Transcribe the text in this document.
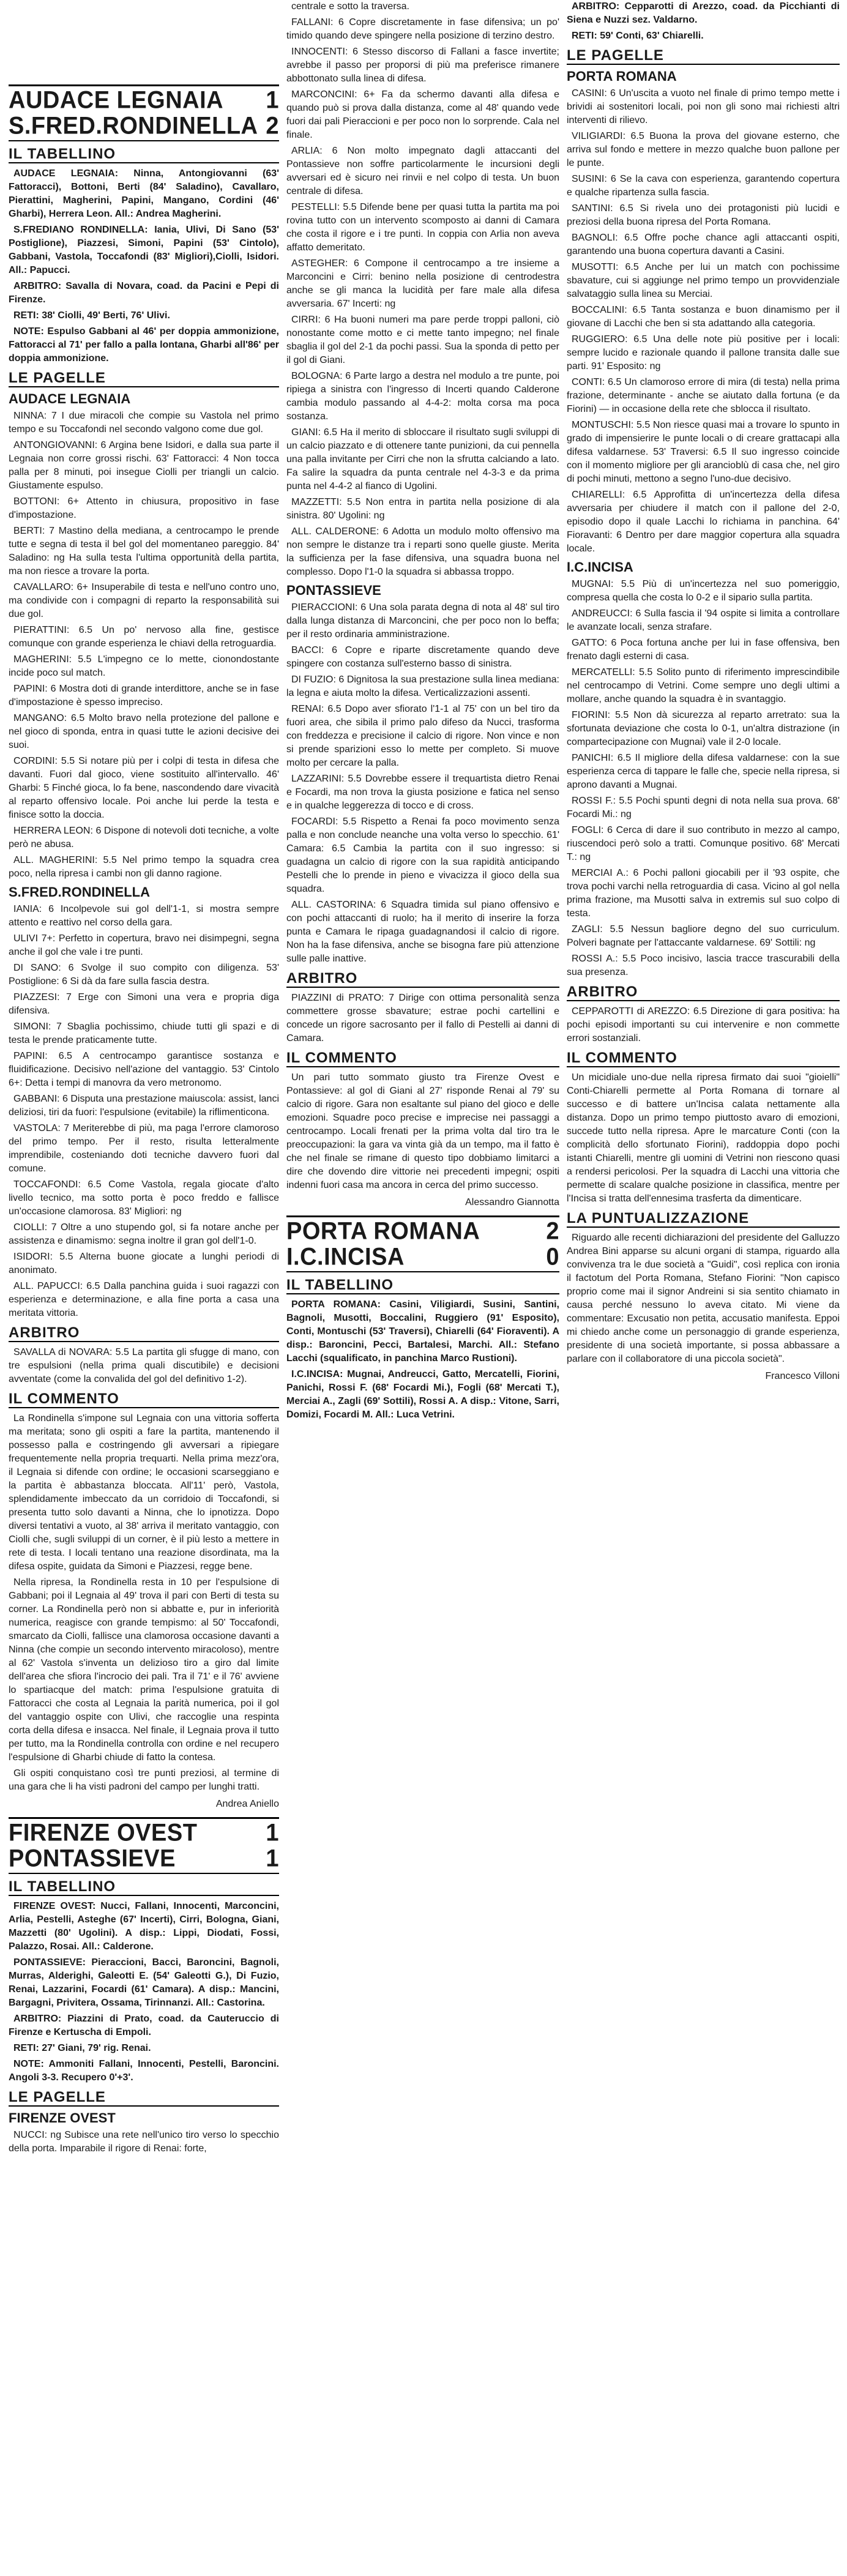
AUDACE LEGNAIA 1
S.FRED.RONDINELLA 2
IL TABELLINO

AUDACE LEGNAIA: Ninna, Antongiovanni (63' Fattoracci), Bottoni, Berti (84' Saladino), Cavallaro, Pierattini, Magherini, Papini, Mangano, Cordini (46' Gharbi), Herrera Leon. All.: Andrea Magherini.

S.FREDIANO RONDINELLA: Iania, Ulivi, Di Sano (53' Postiglione), Piazzesi, Simoni, Papini (53' Cintolo), Gabbani, Vastola, Toccafondi (83' Migliori),Ciolli, Isidori. All.: Papucci.

ARBITRO: Savalla di Novara, coad. da Pacini e Pepi di Firenze.

RETI: 38' Ciolli, 49' Berti, 76' Ulivi.

NOTE: Espulso Gabbani al 46' per doppia ammonizione, Fattoracci al 71' per fallo a palla lontana, Gharbi all'86' per doppia ammonizione.

LE PAGELLE
AUDACE LEGNAIA

NINNA: 7 I due miracoli che compie su Vastola nel primo tempo e su Toccafondi nel secondo valgono come due gol.

ANTONGIOVANNI: 6 Argina bene Isidori, e dalla sua parte il Legnaia non corre grossi rischi. 63' Fattoracci: 4 Non tocca palla per 8 minuti, poi insegue Ciolli per triangli un calcio. Giustamente espulso.

BOTTONI: 6+ Attento in chiusura, propositivo in fase d'impostazione.

BERTI: 7 Mastino della mediana, a centrocampo le prende tutte e segna di testa il bel gol del momentaneo pareggio. 84' Saladino: ng Ha sulla testa l'ultima opportunità della partita, ma non riesce a trovare la porta.

CAVALLARO: 6+ Insuperabile di testa e nell'uno contro uno, ma condivide con i compagni di reparto la responsabilità sui due gol.

PIERATTINI: 6.5 Un po' nervoso alla fine, gestisce comunque con grande esperienza le chiavi della retroguardia.

MAGHERINI: 5.5 L'impegno ce lo mette, cionondostante incide poco sul match.

PAPINI: 6 Mostra doti di grande interdittore, anche se in fase d'impostazione è spesso impreciso.

MANGANO: 6.5 Molto bravo nella protezione del pallone e nel gioco di sponda, entra in quasi tutte le azioni decisive dei suoi.

CORDINI: 5.5 Si notare più per i colpi di testa in difesa che davanti. Fuori dal gioco, viene sostituito all'intervallo. 46' Gharbi: 5 Finché gioca, lo fa bene, nascondendo dare vivacità al reparto offensivo locale. Poi anche lui perde la testa e finisce sotto la doccia.

HERRERA LEON: 6 Dispone di notevoli doti tecniche, a volte però ne abusa.

ALL. MAGHERINI: 5.5 Nel primo tempo la squadra crea poco, nella ripresa i cambi non gli danno ragione.

S.FRED.RONDINELLA

IANIA: 6 Incolpevole sui gol dell'1-1, si mostra sempre attento e reattivo nel corso della gara.

ULIVI 7+: Perfetto in copertura, bravo nei disimpegni, segna anche il gol che vale i tre punti.

DI SANO: 6 Svolge il suo compito con diligenza. 53' Postiglione: 6 Si dà da fare sulla fascia destra.

PIAZZESI: 7 Erge con Simoni una vera e propria diga difensiva.

SIMONI: 7 Sbaglia pochissimo, chiude tutti gli spazi e di testa le prende praticamente tutte.

PAPINI: 6.5 A centrocampo garantisce sostanza e fluidificazione. Decisivo nell'azione del vantaggio. 53' Cintolo 6+: Detta i tempi di manovra da vero metronomo.

GABBANI: 6 Disputa una prestazione maiuscola: assist, lanci deliziosi, tiri da fuori: l'espulsione (evitabile) la riflimenticona.

VASTOLA: 7 Meriterebbe di più, ma paga l'errore clamoroso del primo tempo. Per il resto, risulta letteralmente imprendibile, costeniando doti tecniche davvero fuori dal comune.

TOCCAFONDI: 6.5 Come Vastola, regala giocate d'alto livello tecnico, ma sotto porta è poco freddo e fallisce un'occasione clamorosa. 83' Migliori: ng

CIOLLI: 7 Oltre a uno stupendo gol, si fa notare anche per assistenza e dinamismo: segna inoltre il gran gol dell'1-0.

ISIDORI: 5.5 Alterna buone giocate a lunghi periodi di anonimato.

ALL. PAPUCCI: 6.5 Dalla panchina guida i suoi ragazzi con esperienza e determinazione, e alla fine porta a casa una meritata vittoria.

ARBITRO

SAVALLA di NOVARA: 5.5 La partita gli sfugge di mano, con tre espulsioni (nella prima quali discutibile) e decisioni avventate (come la convalida del gol del definitivo 1-2).

IL COMMENTO

La Rondinella s'impone sul Legnaia con una vittoria sofferta ma meritata; sono gli ospiti a fare la partita, mantenendo il possesso palla e costringendo gli avversari a ripiegare frequentemente nella propria trequarti. Nella prima mezz'ora, il Legnaia si difende con ordine; le occasioni scarseggiano e la partita è abbastanza bloccata. All'11' però, Vastola, splendidamente imbeccato da un corridoio di Toccafondi, si presenta tutto solo davanti a Ninna, che lo ipnotizza. Dopo diversi tentativi a vuoto, al 38' arriva il meritato vantaggio, con Ciolli che, sugli sviluppi di un corner, è il più lesto a mettere in rete di testa. I locali tentano una reazione disordinata, ma la difesa ospite, guidata da Simoni e Piazzesi, regge bene.

Nella ripresa, la Rondinella resta in 10 per l'espulsione di Gabbani; poi il Legnaia al 49' trova il pari con Berti di testa su corner. La Rondinella però non si abbatte e, pur in inferiorità numerica, reagisce con grande tempismo: al 50' Toccafondi, smarcato da Ciolli, fallisce una clamorosa occasione davanti a Ninna (che compie un secondo intervento miracoloso), mentre al 62' Vastola s'inventa un delizioso tiro a giro dal limite dell'area che sfiora l'incrocio dei pali. Tra il 71' e il 76' avviene lo spartiacque del match: prima l'espulsione gratuita di Fattoracci che costa al Legnaia la parità numerica, poi il gol del vantaggio ospite con Ulivi, che raccoglie una respinta corta della difesa e insacca. Nel finale, il Legnaia prova il tutto per tutto, ma la Rondinella controlla con ordine e nel recupero l'espulsione di Gharbi chiude di fatto la contesa.

Gli ospiti conquistano così tre punti preziosi, al termine di una gara che li ha visti padroni del campo per lunghi tratti.

Andrea Aniello
FIRENZE OVEST	1
PONTASSIEVE	1
IL TABELLINO

FIRENZE OVEST: Nucci, Fallani, Innocenti, Marconcini, Arlia, Pestelli, Asteghe (67' Incerti), Cirri, Bologna, Giani, Mazzetti (80' Ugolini). A disp.: Lippi, Diodati, Fossi, Palazzo, Rosai. All.: Calderone.

PONTASSIEVE: Pieraccioni, Bacci, Baroncini, Bagnoli, Murras, Alderighi, Galeotti E. (54' Galeotti G.), Di Fuzio, Renai, Lazzarini, Focardi (61' Camara). A disp.: Mancini, Bargagni, Privitera, Ossama, Tirinnanzi. All.: Castorina.

ARBITRO: Piazzini di Prato, coad. da Cauteruccio di Firenze e Kertuscha di Empoli.

RETI: 27' Giani, 79' rig. Renai.

NOTE: Ammoniti Fallani, Innocenti, Pestelli, Baroncini. Angoli 3-3. Recupero 0'+3'.

LE PAGELLE
FIRENZE OVEST

NUCCI: ng Subisce una rete nell'unico tiro verso lo specchio della porta. Imparabile il rigore di Renai: forte,

centrale e sotto la traversa.

FALLANI: 6 Copre discretamente in fase difensiva; un po' timido quando deve spingere nella posizione di terzino destro.

INNOCENTI: 6 Stesso discorso di Fallani a fasce invertite; avrebbe il passo per proporsi di più ma preferisce rimanere abbottonato sulla linea di difesa.

MARCONCINI: 6+ Fa da schermo davanti alla difesa e quando può si prova dalla distanza, come al 48' quando vede fuori dai pali Pieraccioni e per poco non lo sorprende. Cala nel finale.

ARLIA: 6 Non molto impegnato dagli attaccanti del Pontassieve non soffre particolarmente le incursioni degli avversari ed è sicuro nei rinvii e nel colpo di testa. Un buon centrale di difesa.

PESTELLI: 5.5 Difende bene per quasi tutta la partita ma poi rovina tutto con un intervento scomposto ai danni di Camara che costa il rigore e i tre punti. In coppia con Arlia non aveva affatto demeritato.

ASTEGHER: 6 Compone il centrocampo a tre insieme a Marconcini e Cirri: benino nella posizione di centrodestra anche se gli manca la lucidità per fare male alla difesa avversaria. 67' Incerti: ng

CIRRI: 6 Ha buoni numeri ma pare perde troppi palloni, ciò nonostante come motto e ci mette tanto impegno; nel finale sbaglia il gol del 2-1 da pochi passi. Sua la sponda di petto per il gol di Giani.

BOLOGNA: 6 Parte largo a destra nel modulo a tre punte, poi ripiega a sinistra con l'ingresso di Incerti quando Calderone cambia modulo passando al 4-4-2: molta corsa ma poca sostanza.

GIANI: 6.5 Ha il merito di sbloccare il risultato sugli sviluppi di un calcio piazzato e di ottenere tante punizioni, da cui pennella una palla invitante per Cirri che non la sfrutta calciando a lato. Fa salire la squadra da punta centrale nel 4-3-3 e da prima punta nel 4-4-2 al fianco di Ugolini.

MAZZETTI: 5.5 Non entra in partita nella posizione di ala sinistra. 80' Ugolini: ng

ALL. CALDERONE: 6 Adotta un modulo molto offensivo ma non sempre le distanze tra i reparti sono quelle giuste. Merita la sufficienza per la fase difensiva, una squadra buona nel complesso. Dopo l'1-0 la squadra si abbassa troppo.

PONTASSIEVE

PIERACCIONI: 6 Una sola parata degna di nota al 48' sul tiro dalla lunga distanza di Marconcini, che per poco non lo beffa; per il resto ordinaria amministrazione.

BACCI: 6 Copre e riparte discretamente quando deve spingere con costanza sull'esterno basso di sinistra.

DI FUZIO: 6 Dignitosa la sua prestazione sulla linea mediana: la legna e aiuta molto la difesa. Verticalizzazioni assenti.

RENAI: 6.5 Dopo aver sfiorato l'1-1 al 75' con un bel tiro da fuori area, che sibila il primo palo difeso da Nucci, trasforma con freddezza e precisione il calcio di rigore. Non vince e non si prende sparizioni esso lo mette per completo. Si muove molto per cercare la palla.

LAZZARINI: 5.5 Dovrebbe essere il trequartista dietro Renai e Focardi, ma non trova la giusta posizione e fatica nel senso e in qualche leggerezza di tocco e di cross.

FOCARDI: 5.5 Rispetto a Renai fa poco movimento senza palla e non conclude neanche una volta verso lo specchio. 61' Camara: 6.5 Cambia la partita con il suo ingresso: si guadagna un calcio di rigore con la sua rapidità anticipando Pestelli che lo prende in pieno e vivacizza il gioco della sua squadra.

ALL. CASTORINA: 6 Squadra timida sul piano offensivo e con pochi attaccanti di ruolo; ha il merito di inserire la forza punta e Camara le ripaga guadagnandosi il calcio di rigore. Non ha la fase difensiva, anche se bisogna fare più attenzione sulle palle inattive.

ARBITRO

PIAZZINI di PRATO: 7 Dirige con ottima personalità senza commettere grosse sbavature; estrae pochi cartellini e concede un rigore sacrosanto per il fallo di Pestelli ai danni di Camara.

IL COMMENTO

Un pari tutto sommato giusto tra Firenze Ovest e Pontassieve: al gol di Giani al 27' risponde Renai al 79' su calcio di rigore. Gara non esaltante sul piano del gioco e delle emozioni. Squadre poco precise e imprecise nei passaggi a centrocampo. Locali frenati per la prima volta dal tiro tra le preoccupazioni: la gara va vinta già da un tempo, ma il fatto è che nel finale se rimane di questo tipo dobbiamo limitarci a dire che dovendo dire vittorie nei precedenti impegni; ospiti indenni fuori casa ma ancora in cerca del primo successo.

Alessandro Giannotta
PORTA ROMANA	2
I.C.INCISA	0
IL TABELLINO

PORTA ROMANA: Casini, Viligiardi, Susini, Santini, Bagnoli, Musotti, Boccalini, Ruggiero (91' Esposito), Conti, Montuschi (53' Traversi), Chiarelli (64' Fioraventi). A disp.: Baroncini, Pecci, Bartalesi, Marchi. All.: Stefano Lacchi (squalificato, in panchina Marco Rustioni).

I.C.INCISA: Mugnai, Andreucci, Gatto, Mercatelli, Fiorini, Panichi, Rossi F. (68' Focardi Mi.), Fogli (68' Mercati T.), Merciai A., Zagli (69' Sottili), Rossi A. A disp.: Vitone, Sarri, Domizi, Focardi M. All.: Luca Vetrini.

ARBITRO: Cepparotti di Arezzo, coad. da Picchianti di Siena e Nuzzi sez. Valdarno.

RETI: 59' Conti, 63' Chiarelli.

LE PAGELLE
PORTA ROMANA

CASINI: 6 Un'uscita a vuoto nel finale di primo tempo mette i brividi ai sostenitori locali, poi non gli sono mai richiesti altri interventi di rilievo.

VILIGIARDI: 6.5 Buona la prova del giovane esterno, che arriva sul fondo e mettere in mezzo qualche buon pallone per le punte.

SUSINI: 6 Se la cava con esperienza, garantendo copertura e qualche ripartenza sulla fascia.

SANTINI: 6.5 Si rivela uno dei protagonisti più lucidi e preziosi della buona ripresa del Porta Romana.

BAGNOLI: 6.5 Offre poche chance agli attaccanti ospiti, garantendo una buona copertura davanti a Casini.

MUSOTTI: 6.5 Anche per lui un match con pochissime sbavature, cui si aggiunge nel primo tempo un provvidenziale salvataggio sulla linea su Merciai.

BOCCALINI: 6.5 Tanta sostanza e buon dinamismo per il giovane di Lacchi che ben si sta adattando alla categoria.

RUGGIERO: 6.5 Una delle note più positive per i locali: sempre lucido e razionale quando il pallone transita dalle sue parti. 91' Esposito: ng

CONTI: 6.5 Un clamoroso errore di mira (di testa) nella prima frazione, determinante - anche se aiutato dalla fortuna (e da Fiorini) — in occasione della rete che sblocca il risultato.

MONTUSCHI: 5.5 Non riesce quasi mai a trovare lo spunto in grado di impensierire le punte locali o di creare grattacapi alla difesa valdarnese. 53' Traversi: 6.5 Il suo ingresso coincide con il momento migliore per gli arancioblù di casa che, nel giro di pochi minuti, mettono a segno l'uno-due decisivo.

CHIARELLI: 6.5 Approfitta di un'incertezza della difesa avversaria per chiudere il match con il pallone del 2-0, episodio dopo il quale Lacchi lo richiama in panchina. 64' Fioravanti: 6 Dentro per dare maggior copertura alla squadra locale.

I.C.INCISA

MUGNAI: 5.5 Più di un'incertezza nel suo pomeriggio, compresa quella che costa lo 0-2 e il sipario sulla partita.

ANDREUCCI: 6 Sulla fascia il '94 ospite si limita a controllare le avanzate locali, senza strafare.

GATTO: 6 Poca fortuna anche per lui in fase offensiva, ben frenato dagli esterni di casa.

MERCATELLI: 5.5 Solito punto di riferimento imprescindibile nel centrocampo di Vetrini. Come sempre uno degli ultimi a mollare, anche quando la squadra è in svantaggio.

FIORINI: 5.5 Non dà sicurezza al reparto arretrato: sua la sfortunata deviazione che costa lo 0-1, un'altra distrazione (in compartecipazione con Mugnai) vale il 2-0 locale.

PANICHI: 6.5 Il migliore della difesa valdarnese: con la sue esperienza cerca di tappare le falle che, specie nella ripresa, si aprono davanti a Mugnai.

ROSSI F.: 5.5 Pochi spunti degni di nota nella sua prova. 68' Focardi Mi.: ng

FOGLI: 6 Cerca di dare il suo contributo in mezzo al campo, riuscendoci però solo a tratti. Comunque positivo. 68' Mercati T.: ng

MERCIAI A.: 6 Pochi palloni giocabili per il '93 ospite, che trova pochi varchi nella retroguardia di casa. Vicino al gol nella prima frazione, ma Musotti salva in extremis sul suo colpo di testa.

ZAGLI: 5.5 Nessun bagliore degno del suo curriculum. Polveri bagnate per l'attaccante valdarnese. 69' Sottili: ng

ROSSI A.: 5.5 Poco incisivo, lascia tracce trascurabili della sua presenza.

ARBITRO

CEPPAROTTI di AREZZO: 6.5 Direzione di gara positiva: ha pochi episodi importanti su cui intervenire e non commette errori sostanziali.

IL COMMENTO

Un micidiale uno-due nella ripresa firmato dai suoi "gioielli" Conti-Chiarelli permette al Porta Romana di tornare al successo e di battere un'Incisa calata nettamente alla distanza. Dopo un primo tempo piuttosto avaro di emozioni, succede tutto nella ripresa. Apre le marcature Conti (con la complicità dello sfortunato Fiorini), raddoppia dopo pochi istanti Chiarelli, mentre gli uomini di Vetrini non riescono quasi a rendersi pericolosi. Per la squadra di Lacchi una vittoria che permette di scalare qualche posizione in classifica, mentre per l'Incisa si tratta dell'ennesima trasferta da dimenticare.

LA PUNTUALIZZAZIONE

Riguardo alle recenti dichiarazioni del presidente del Galluzzo Andrea Bini apparse su alcuni organi di stampa, riguardo alla convivenza tra le due società a "Guidi", così replica con ironia il factotum del Porta Romana, Stefano Fiorini: "Non capisco proprio come mai il signor Andreini si sia sentito chiamato in causa perché nessuno lo aveva citato. Mi viene da commentare: Excusatio non petita, accusatio manifesta. Eppoi mi chiedo anche come un personaggio di grande esperienza, presidente di una società importante, si possa abbassare a parlare con il collaboratore di una piccola società".

Francesco Villoni
